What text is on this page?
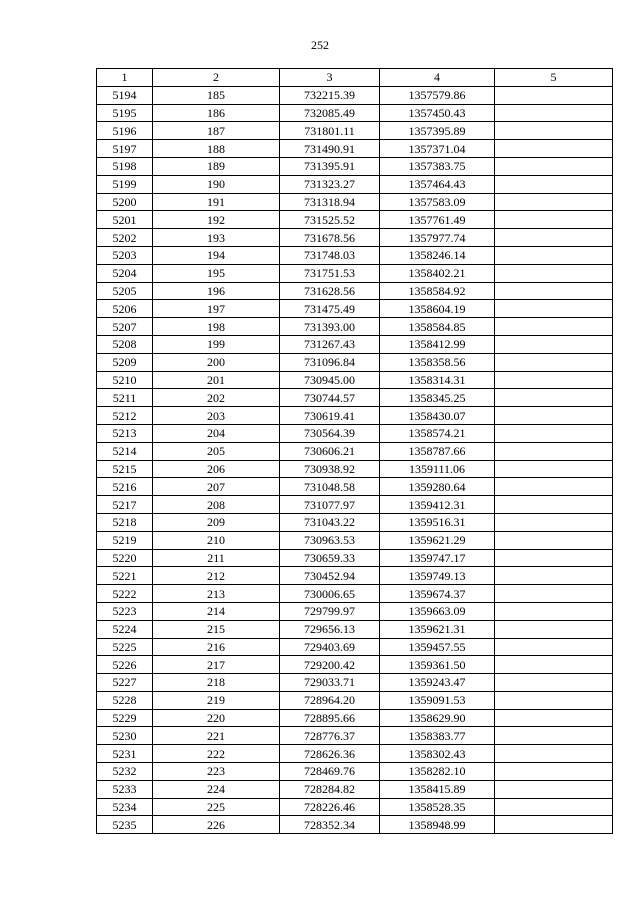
252
1	2	3	4	5
5194	185	732215.39	1357579.86	
5195	186	732085.49	1357450.43	
5196	187	731801.11	1357395.89	
5197	188	731490.91	1357371.04	
5198	189	731395.91	1357383.75	
5199	190	731323.27	1357464.43	
5200	191	731318.94	1357583.09	
5201	192	731525.52	1357761.49	
5202	193	731678.56	1357977.74	
5203	194	731748.03	1358246.14	
5204	195	731751.53	1358402.21	
5205	196	731628.56	1358584.92	
5206	197	731475.49	1358604.19	
5207	198	731393.00	1358584.85	
5208	199	731267.43	1358412.99	
5209	200	731096.84	1358358.56	
5210	201	730945.00	1358314.31	
5211	202	730744.57	1358345.25	
5212	203	730619.41	1358430.07	
5213	204	730564.39	1358574.21	
5214	205	730606.21	1358787.66	
5215	206	730938.92	1359111.06	
5216	207	731048.58	1359280.64	
5217	208	731077.97	1359412.31	
5218	209	731043.22	1359516.31	
5219	210	730963.53	1359621.29	
5220	211	730659.33	1359747.17	
5221	212	730452.94	1359749.13	
5222	213	730006.65	1359674.37	
5223	214	729799.97	1359663.09	
5224	215	729656.13	1359621.31	
5225	216	729403.69	1359457.55	
5226	217	729200.42	1359361.50	
5227	218	729033.71	1359243.47	
5228	219	728964.20	1359091.53	
5229	220	728895.66	1358629.90	
5230	221	728776.37	1358383.77	
5231	222	728626.36	1358302.43	
5232	223	728469.76	1358282.10	
5233	224	728284.82	1358415.89	
5234	225	728226.46	1358528.35	
5235	226	728352.34	1358948.99	
